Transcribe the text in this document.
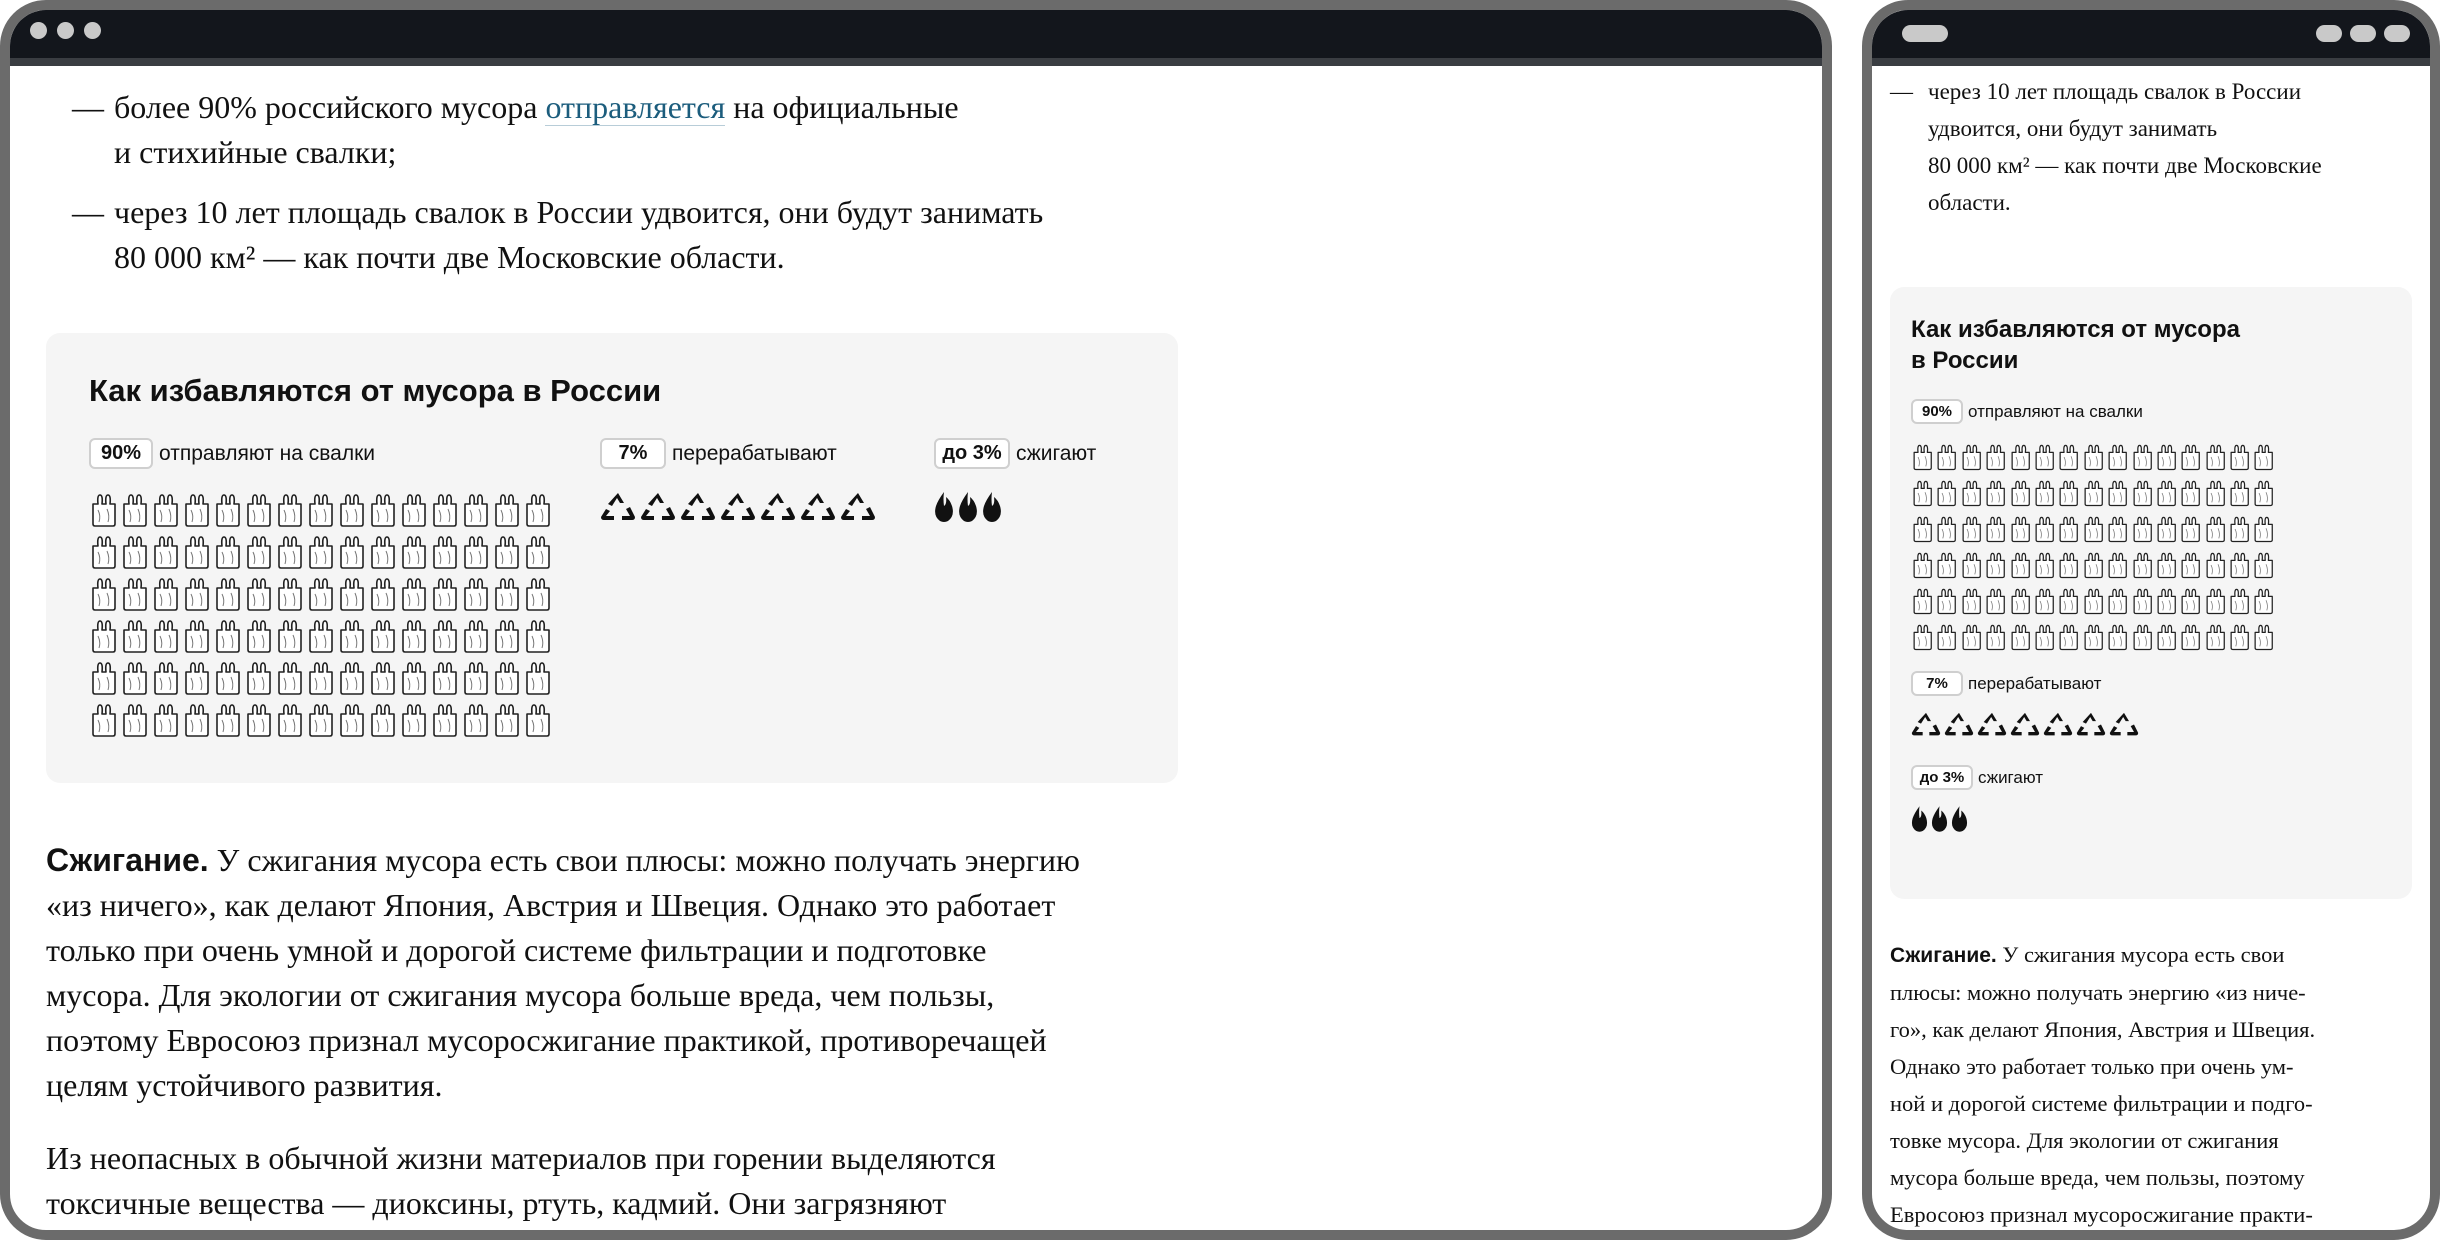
— более 90% российского мусора отправляется на официальные
и стихийные свалки;
— через 10 лет площадь свалок в России удвоится, они будут занимать
80 000 км² — как почти две Московские области.
Как избавляются от мусора в России
90% отправляют на свалки	7%	перерабатывают	до 3% сжигают
Сжигание. У сжигания мусора есть свои плюсы: можно получать энергию
«из ничего», как делают Япония, Австрия и Швеция. Однако это работает
только при очень умной и дорогой системе фильтрации и подготовке
мусора. Для экологии от сжигания мусора больше вреда, чем пользы,
поэтому Евросоюз признал мусоросжигание практикой, противоречащей
целям устойчивого развития.
Из неопасных в обычной жизни материалов при горении выделяются
токсичные вещества — диоксины, ртуть, кадмий. Они загрязняют
— через 10 лет площадь свалок в России
удвоится, они будут занимать
80 000 км² — как почти две Московские
области.
Как избавляются от мусора
в России
90% отправляют на свалки
7%	перерабатывают
до 3% сжигают
Сжигание. У сжигания мусора есть свои
плюсы: можно получать энергию «из ниче-
го», как делают Япония, Австрия и Швеция.
Однако это работает только при очень ум-
ной и дорогой системе фильтрации и подго-
товке мусора. Для экологии от сжигания
мусора больше вреда, чем пользы, поэтому
Евросоюз признал мусоросжигание практи-
